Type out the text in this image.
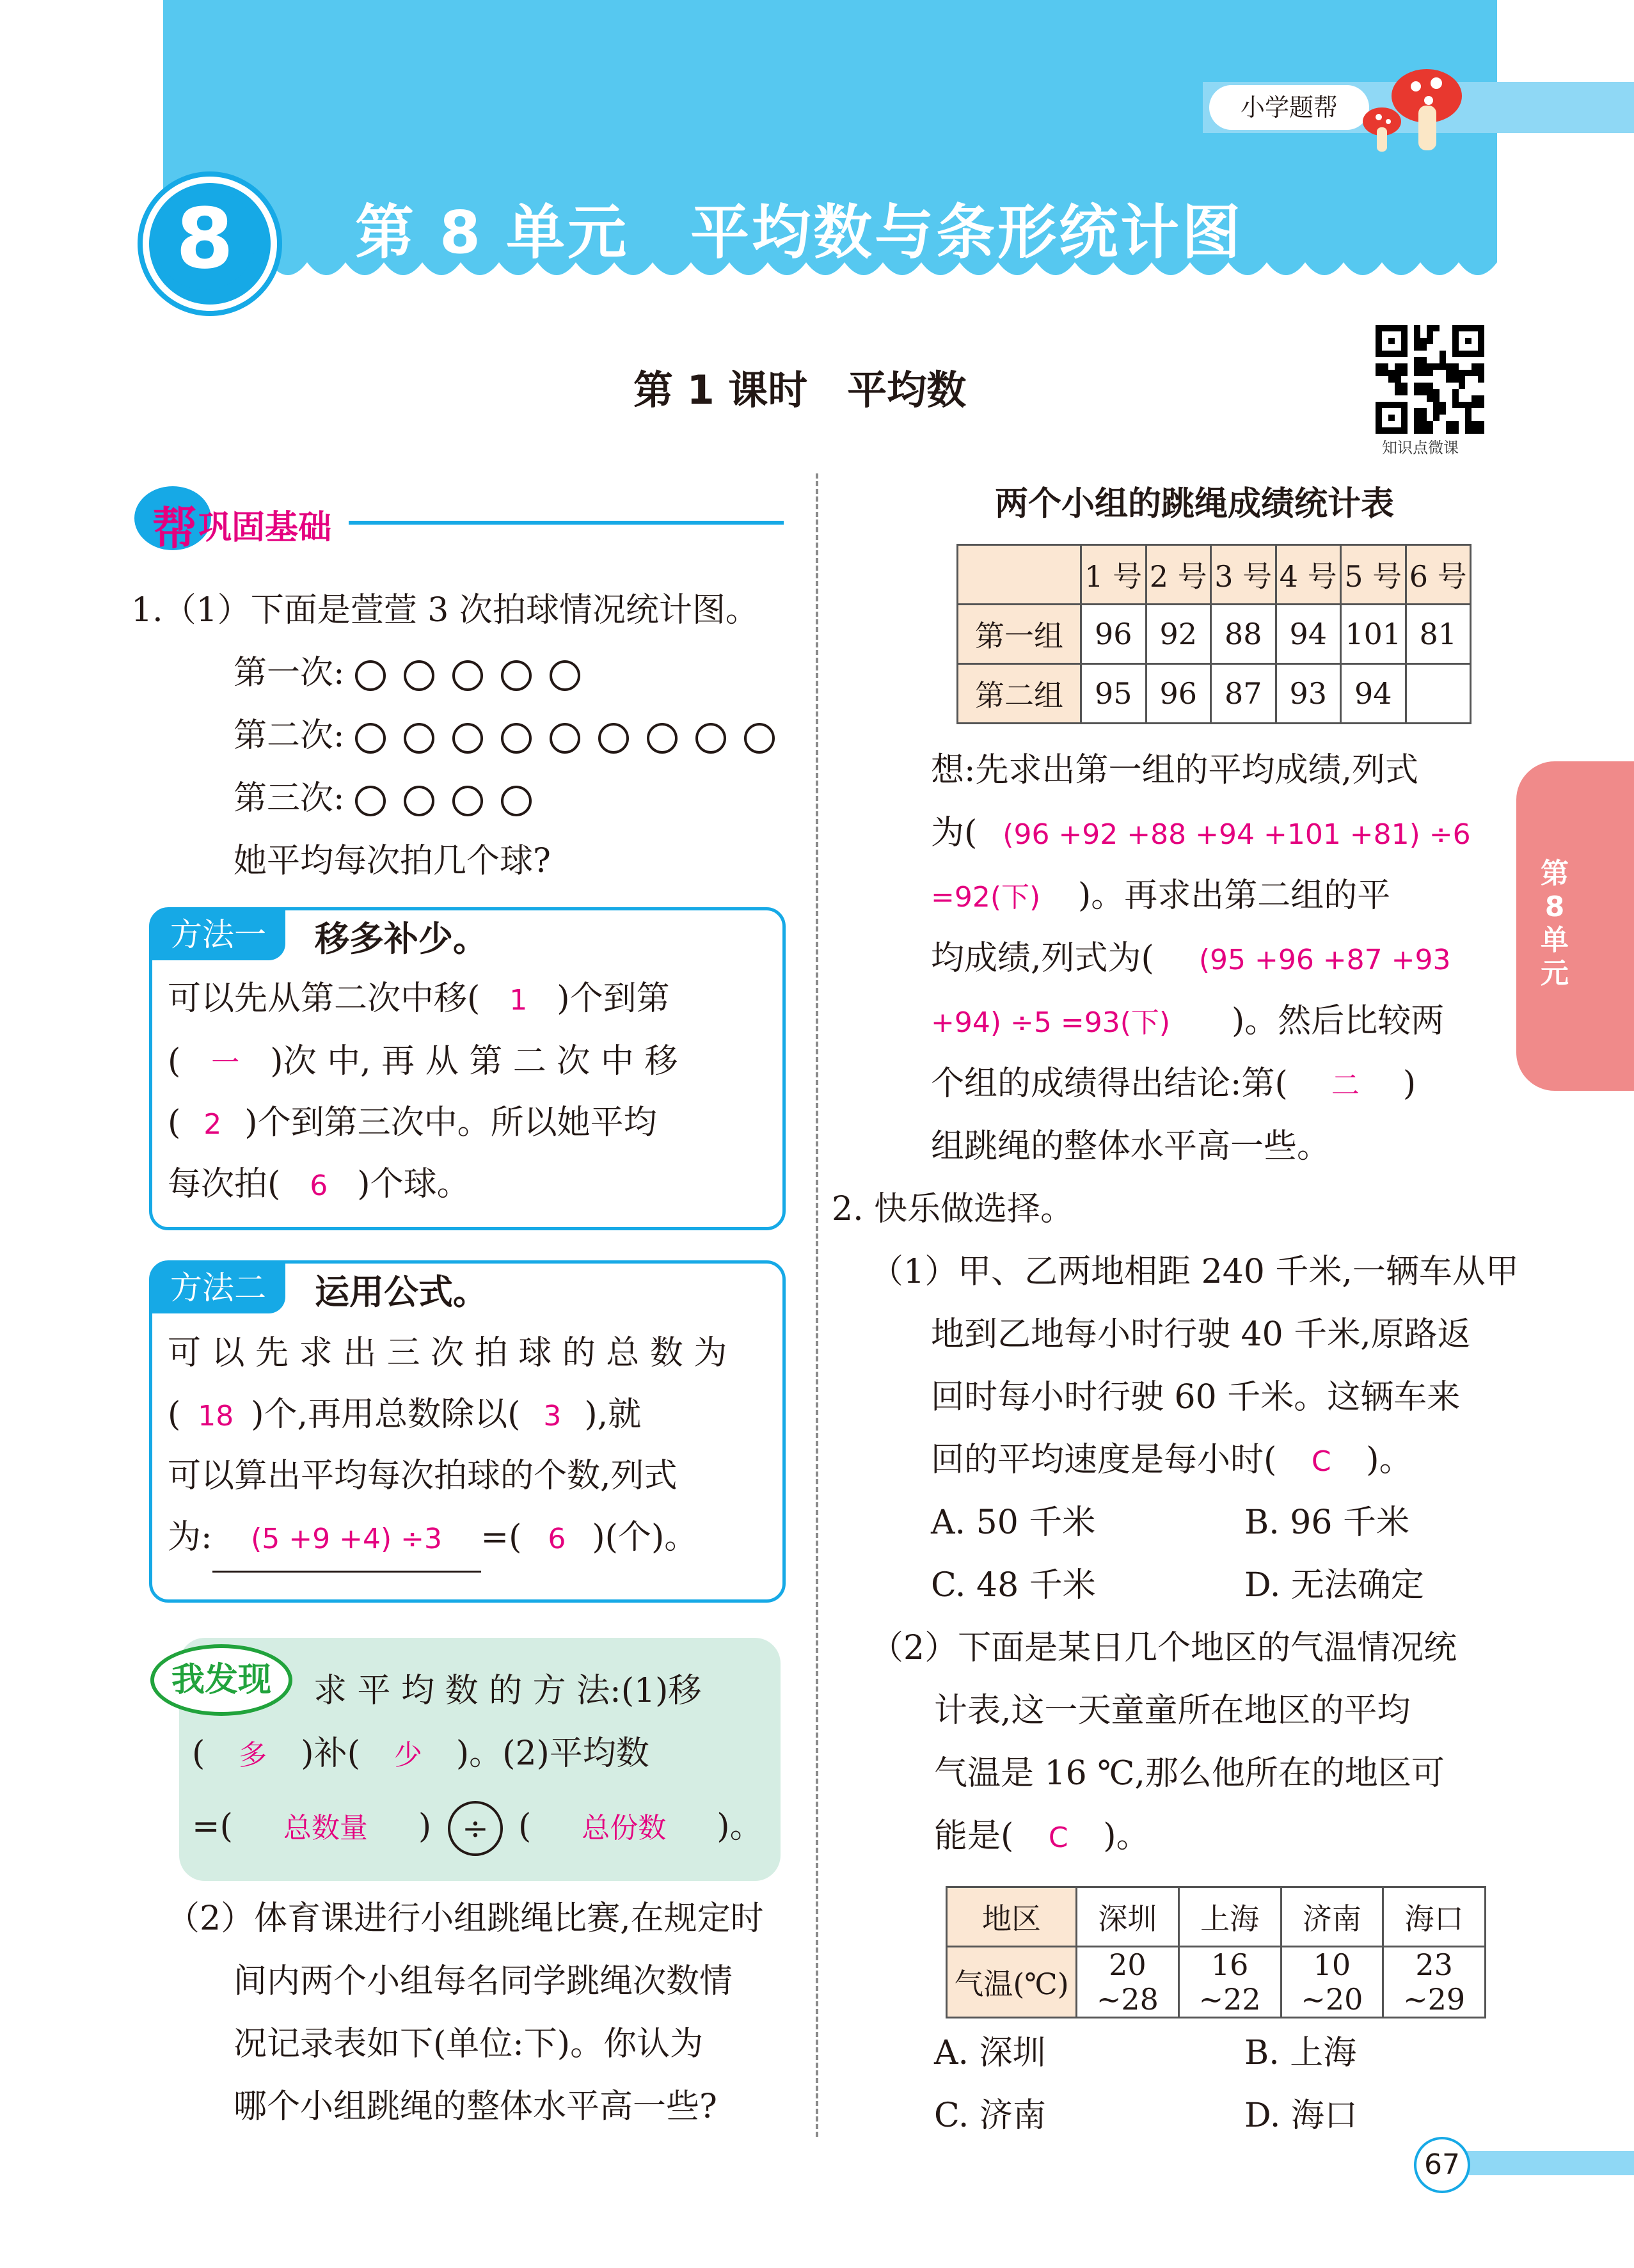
小学题帮
8	第 8 单元　平均数与条形统计图
第 1 课时　平均数
知识点微课
第8单元
67
帮 巩固基础
1.（1）下面是萱萱 3 次拍球情况统计图。
第一次:
第二次:
第三次:
她平均每次拍几个球?
方法一	移多补少。
可以先从第二次中移( 1 )个到第
( 一 )次 中, 再 从 第 二 次 中 移
( 2 )个到第三次中。所以她平均
每次拍( 6 )个球。
方法二	运用公式。
可 以 先 求 出 三 次 拍 球 的 总 数 为
( 18 )个,再用总数除以( 3 ),就
可以算出平均每次拍球的个数,列式
为: (5 +9 +4) ÷3 =( 6 )(个)。
我发现	求 平 均 数 的 方 法:(1)移
( 多 )补( 少 )。(2)平均数
=( 总数量 ) ÷ ( 总份数 )。
（2）体育课进行小组跳绳比赛,在规定时
间内两个小组每名同学跳绳次数情
况记录表如下(单位:下)。你认为
哪个小组跳绳的整体水平高一些?
两个小组的跳绳成绩统计表
	1 号	2 号	3 号	4 号	5 号	6 号
第一组	96	92	88	94	101	81
第二组	95	96	87	93	94	
想:先求出第一组的平均成绩,列式
为( (96 +92 +88 +94 +101 +81) ÷6
=92(下) )。再求出第二组的平
均成绩,列式为( (95 +96 +87 +93
+94) ÷5 =93(下) )。然后比较两
个组的成绩得出结论:第( 二 )
组跳绳的整体水平高一些。
2. 快乐做选择。
（1）甲、乙两地相距 240 千米,一辆车从甲
地到乙地每小时行驶 40 千米,原路返
回时每小时行驶 60 千米。这辆车来
回的平均速度是每小时( C )。
A. 50 千米	B. 96 千米
C. 48 千米	D. 无法确定
（2）下面是某日几个地区的气温情况统
计表,这一天童童所在地区的平均
气温是 16 ℃,那么他所在的地区可
能是( C )。
地区	深圳	上海	济南	海口
气温(℃)	20 ~28	16 ~22	10 ~20	23 ~29
A. 深圳	B. 上海
C. 济南	D. 海口
